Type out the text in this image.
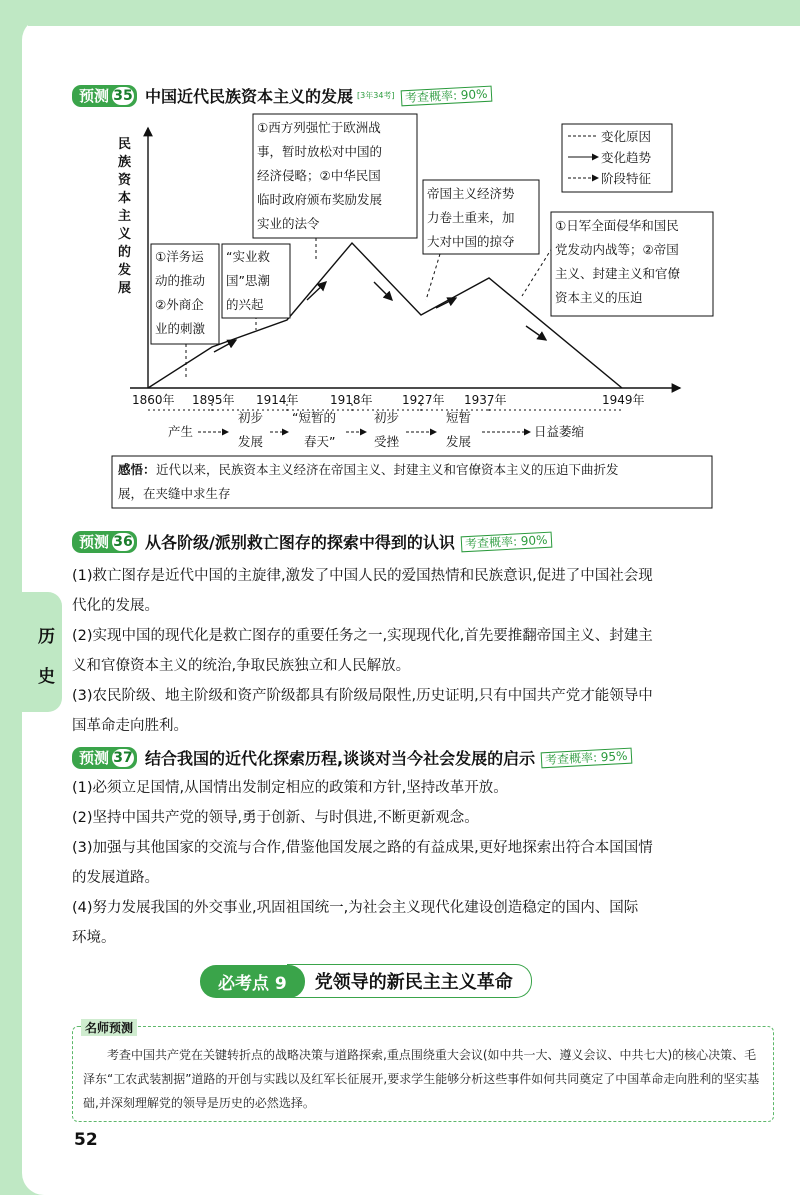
历
史
预测 35 中国近代民族资本主义的发展 [3年34考] 考查概率: 90%
民
族
资
本
主
义
的
发
展
1860年 1895年 1914年	1918年 1927年 1937年	1949年
①洋务运
动的推动
②外商企
业的刺激
“实业救
国”思潮
的兴起
①西方列强忙于欧洲战
事，暂时放松对中国的
经济侵略；②中华民国
临时政府颁布奖励发展
实业的法令
帝国主义经济势
力卷土重来，加
大对中国的掠夺
①日军全面侵华和国民
党发动内战等；②帝国
主义、封建主义和官僚
资本主义的压迫
变化原因
变化趋势
阶段特征
产生
初步
发展
“短暂的
春天”
初步
受挫
短暂
发展
日益萎缩
感悟： 近代以来，民族资本主义经济在帝国主义、封建主义和官僚资本主义的压迫下曲折发
展，在夹缝中求生存
预测 36 从各阶级/派别救亡图存的探索中得到的认识 考查概率: 90%

(1)救亡图存是近代中国的主旋律,激发了中国人民的爱国热情和民族意识,促进了中国社会现

代化的发展。

(2)实现中国的现代化是救亡图存的重要任务之一,实现现代化,首先要推翻帝国主义、封建主

义和官僚资本主义的统治,争取民族独立和人民解放。

(3)农民阶级、地主阶级和资产阶级都具有阶级局限性,历史证明,只有中国共产党才能领导中

国革命走向胜利。

预测 37 结合我国的近代化探索历程,谈谈对当今社会发展的启示 考查概率: 95%

(1)必须立足国情,从国情出发制定相应的政策和方针,坚持改革开放。

(2)坚持中国共产党的领导,勇于创新、与时俱进,不断更新观念。

(3)加强与其他国家的交流与合作,借鉴他国发展之路的有益成果,更好地探索出符合本国国情

的发展道路。

(4)努力发展我国的外交事业,巩固祖国统一,为社会主义现代化建设创造稳定的国内、国际

环境。

必考点 9	党领导的新民主主义革命
名师预测
考查中国共产党在关键转折点的战略决策与道路探索,重点围绕重大会议(如中共一大、遵义会议、中共七大)的核心决策、毛泽东“工农武装割据”道路的开创与实践以及红军长征展开,要求学生能够分析这些事件如何共同奠定了中国革命走向胜利的坚实基础,并深刻理解党的领导是历史的必然选择。
52
